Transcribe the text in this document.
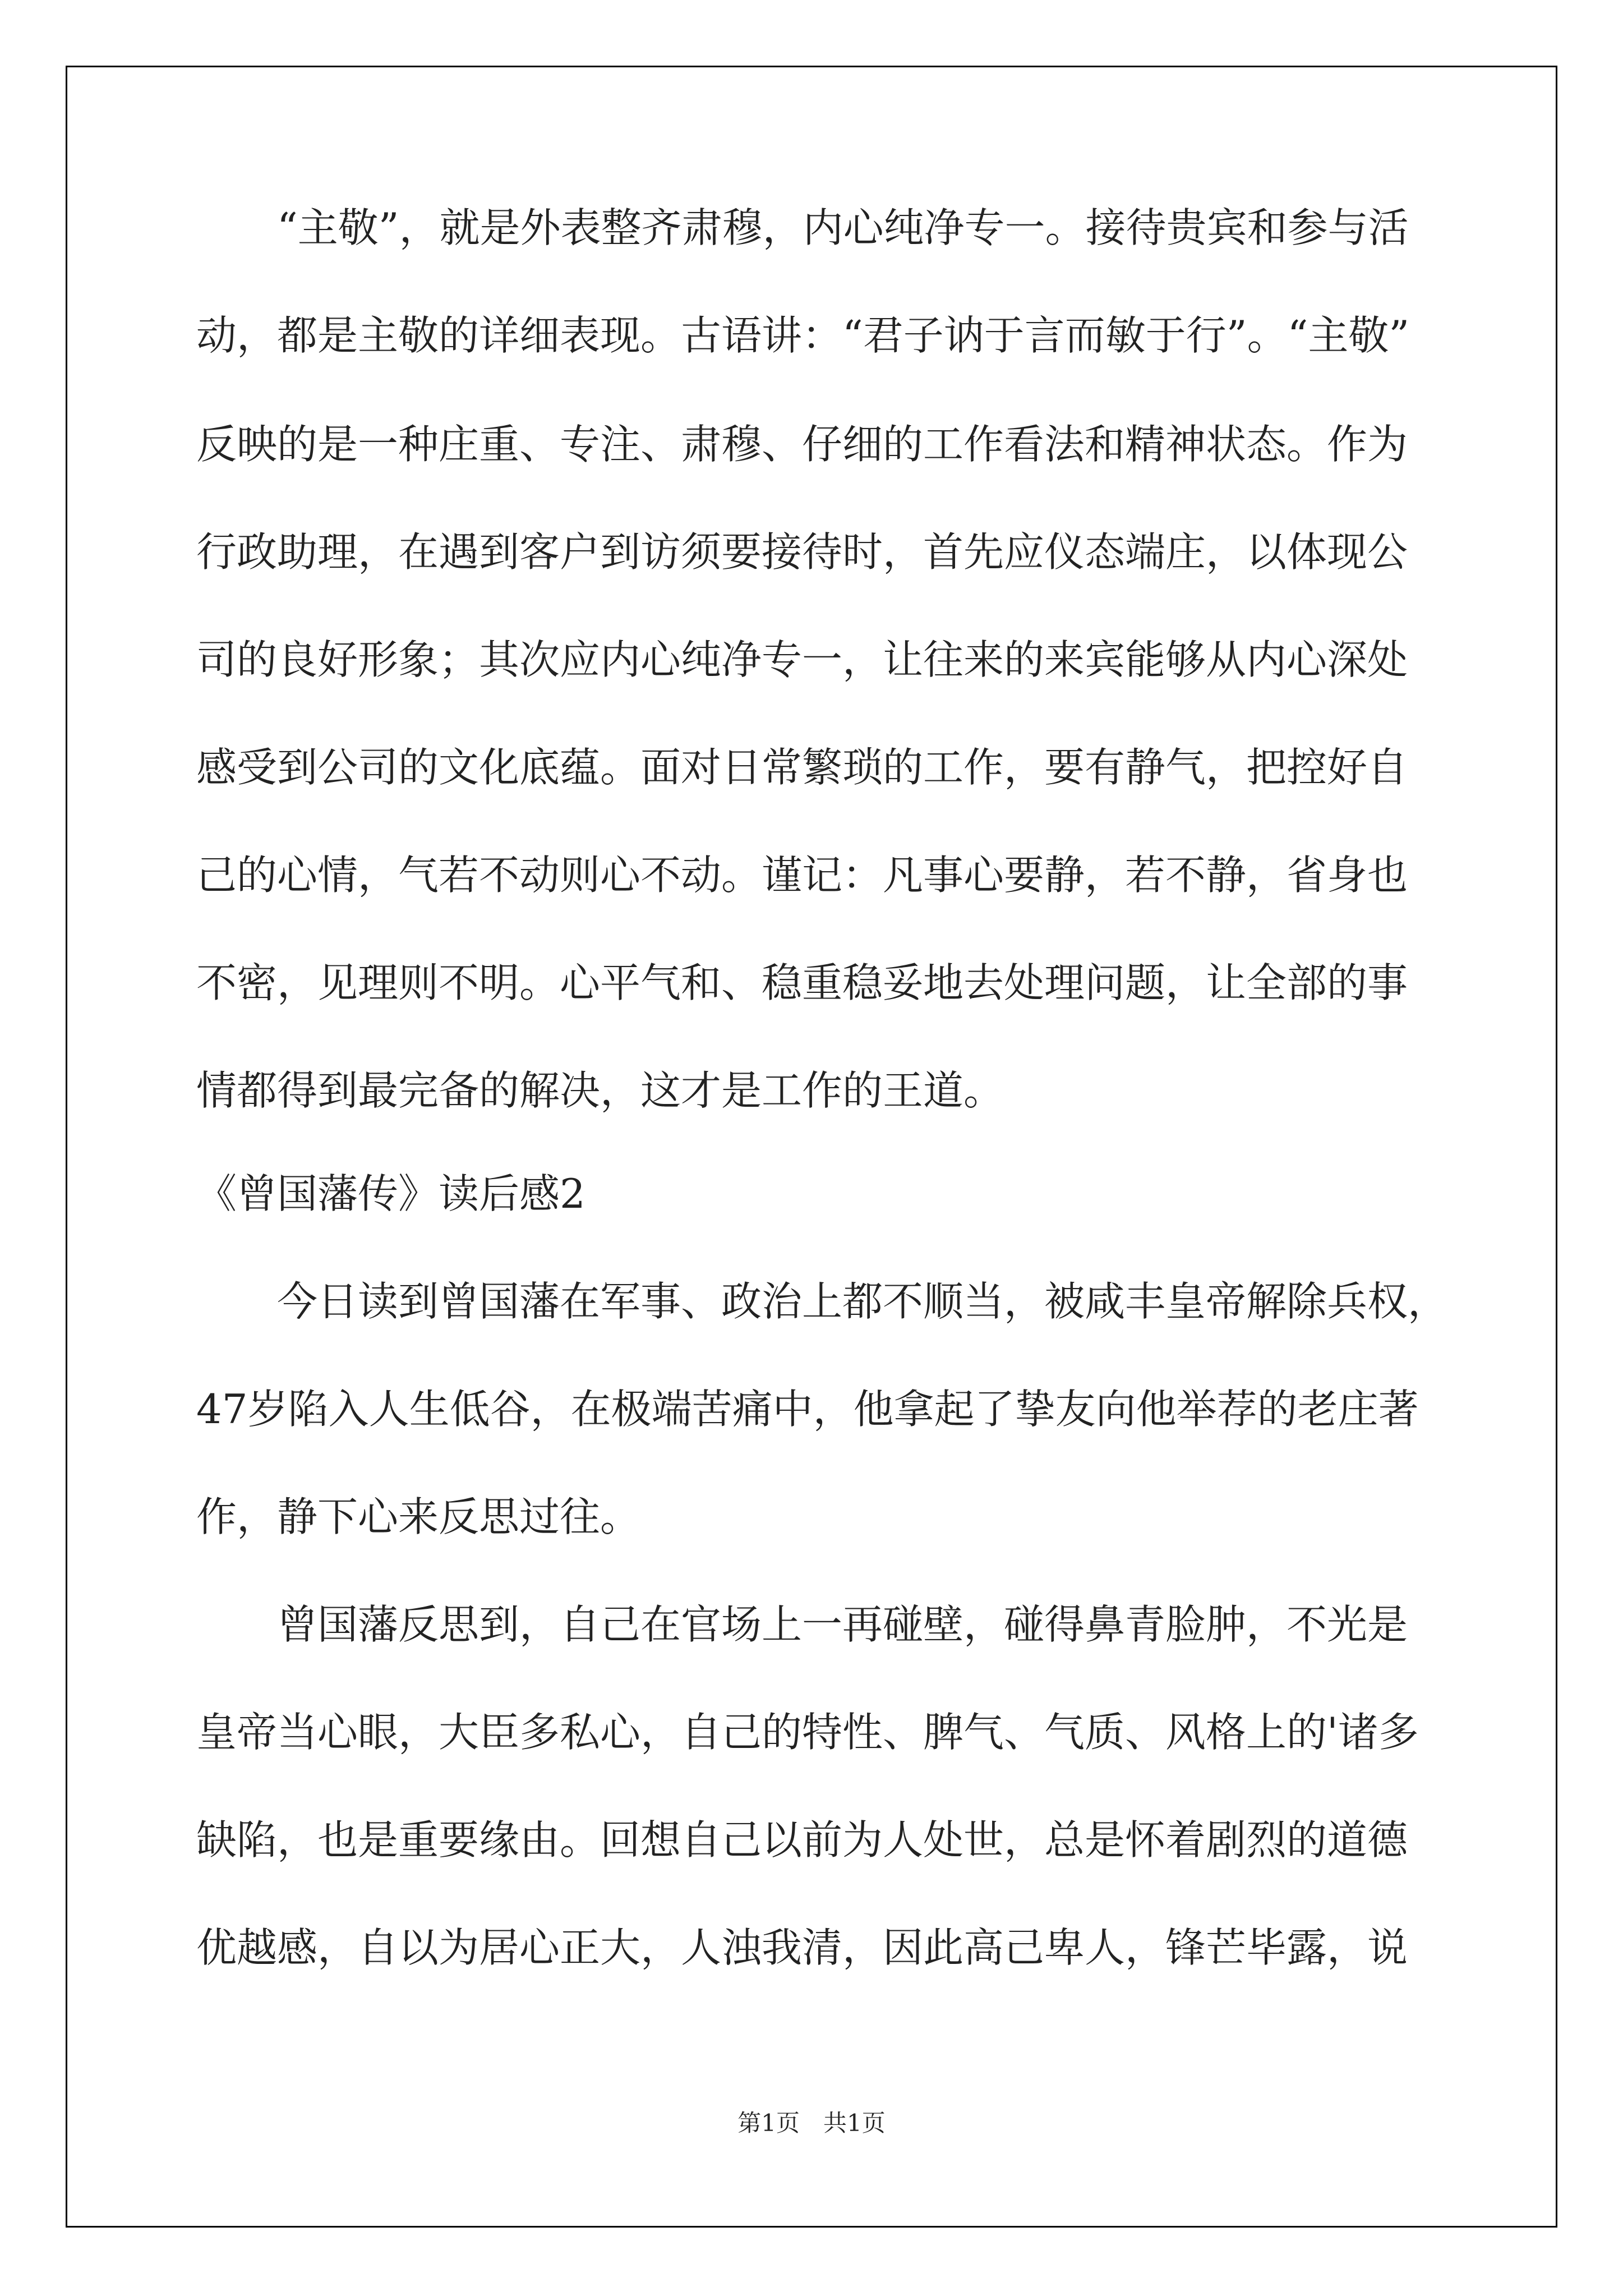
“主敬”，就是外表整齐肃穆，内心纯净专一。接待贵宾和参与活
动，都是主敬的详细表现。古语讲：“君子讷于言而敏于行”。“主敬”
反映的是一种庄重、专注、肃穆、仔细的工作看法和精神状态。作为
行政助理，在遇到客户到访须要接待时，首先应仪态端庄，以体现公
司的良好形象；其次应内心纯净专一，让往来的来宾能够从内心深处
感受到公司的文化底蕴。面对日常繁琐的工作，要有静气，把控好自
己的心情，气若不动则心不动。谨记：凡事心要静，若不静，省身也
不密，见理则不明。心平气和、稳重稳妥地去处理问题，让全部的事
情都得到最完备的解决，这才是工作的王道。
《曾国藩传》读后感2
今日读到曾国藩在军事、政治上都不顺当，被咸丰皇帝解除兵权，
47岁陷入人生低谷，在极端苦痛中，他拿起了挚友向他举荐的老庄著
作，静下心来反思过往。
曾国藩反思到，自己在官场上一再碰壁，碰得鼻青脸肿，不光是
皇帝当心眼，大臣多私心，自己的特性、脾气、气质、风格上的'诸多
缺陷，也是重要缘由。回想自己以前为人处世，总是怀着剧烈的道德
优越感，自以为居心正大，人浊我清，因此高己卑人，锋芒毕露，说
第1页　共1页
